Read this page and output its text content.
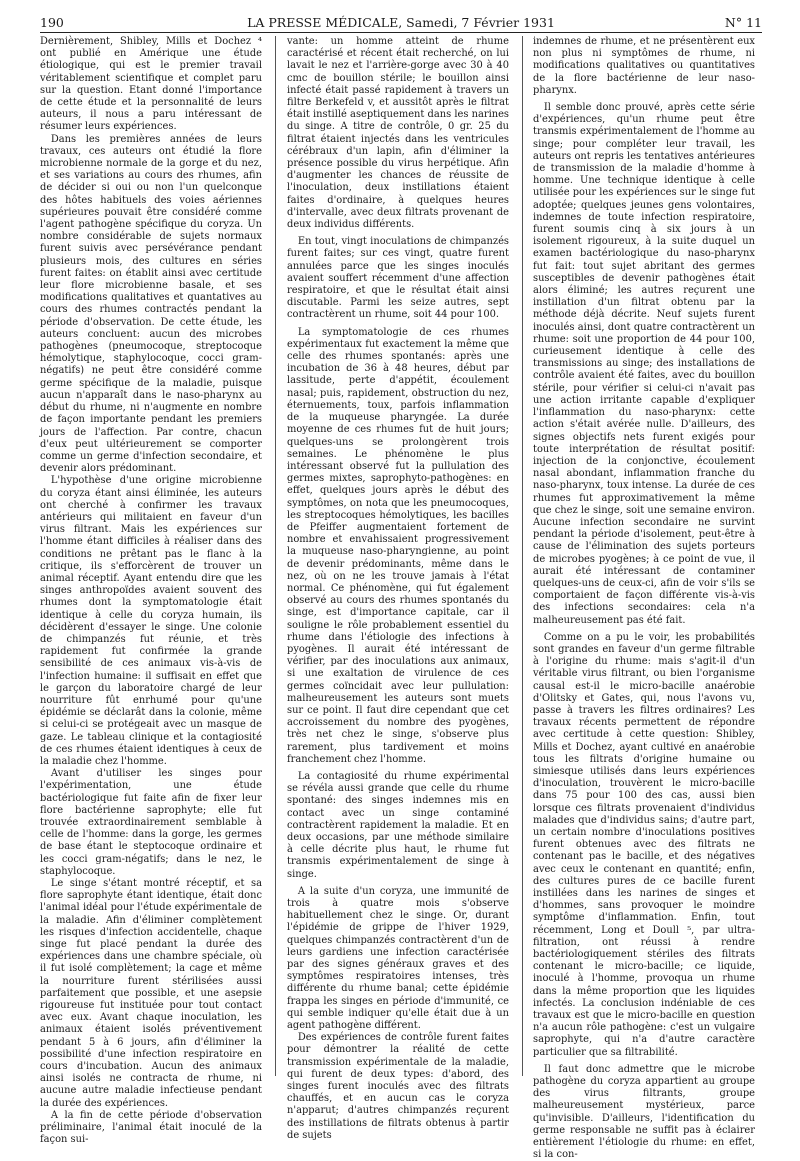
190	LA PRESSE MÉDICALE, Samedi, 7 Février 1931	N° 11

Dernièrement, Shibley, Mills et Dochez ⁴ ont publié en Amérique une étude étiologique, qui est le premier travail véritablement scientifique et complet paru sur la question. Etant donné l'importance de cette étude et la personnalité de leurs auteurs, il nous a paru intéressant de résumer leurs expériences.

Dans les premières années de leurs travaux, ces auteurs ont étudié la flore microbienne normale de la gorge et du nez, et ses variations au cours des rhumes, afin de décider si oui ou non l'un quelconque des hôtes habituels des voies aériennes supérieures pouvait être considéré comme l'agent pathogène spécifique du coryza. Un nombre considérable de sujets normaux furent suivis avec persévérance pendant plusieurs mois, des cultures en séries furent faites: on établit ainsi avec certitude leur flore microbienne basale, et ses modifications qualitatives et quantatives au cours des rhumes contractés pendant la période d'observation. De cette étude, les auteurs concluent: aucun des microbes pathogènes (pneumocoque, streptocoque hémolytique, staphylocoque, cocci gram-négatifs) ne peut être considéré comme germe spécifique de la maladie, puisque aucun n'apparaît dans le naso-pharynx au début du rhume, ni n'augmente en nombre de façon importante pendant les premiers jours de l'affection. Par contre, chacun d'eux peut ultérieurement se comporter comme un germe d'infection secondaire, et devenir alors prédominant.

L'hypothèse d'une origine microbienne du coryza étant ainsi éliminée, les auteurs ont cherché à confirmer les travaux antérieurs qui militaient en faveur d'un virus filtrant. Mais les expériences sur l'homme étant difficiles à réaliser dans des conditions ne prêtant pas le flanc à la critique, ils s'efforcèrent de trouver un animal réceptif. Ayant entendu dire que les singes anthropoïdes avaient souvent des rhumes dont la symptomatologie était identique à celle du coryza humain, ils décidèrent d'essayer le singe. Une colonie de chimpanzés fut réunie, et très rapidement fut confirmée la grande sensibilité de ces animaux vis-à-vis de l'infection humaine: il suffisait en effet que le garçon du laboratoire chargé de leur nourriture fût enrhumé pour qu'une épidémie se déclarât dans la colonie, même si celui-ci se protégeait avec un masque de gaze. Le tableau clinique et la contagiosité de ces rhumes étaient identiques à ceux de la maladie chez l'homme.

Avant d'utiliser les singes pour l'expérimentation, une étude bactériologique fut faite afin de fixer leur flore bactérienne saprophyte; elle fut trouvée extraordinairement semblable à celle de l'homme: dans la gorge, les germes de base étant le steptocoque ordinaire et les cocci gram-négatifs; dans le nez, le staphylocoque.

Le singe s'étant montré réceptif, et sa flore saprophyte étant identique, était donc l'animal idéal pour l'étude expérimentale de la maladie. Afin d'éliminer complètement les risques d'infection accidentelle, chaque singe fut placé pendant la durée des expériences dans une chambre spéciale, où il fut isolé complètement; la cage et même la nourriture furent stérilisées aussi parfaitement que possible, et une asepsie rigoureuse fut instituée pour tout contact avec eux. Avant chaque inoculation, les animaux étaient isolés préventivement pendant 5 à 6 jours, afin d'éliminer la possibilité d'une infection respiratoire en cours d'incubation. Aucun des animaux ainsi isolés ne contracta de rhume, ni aucune autre maladie infectieuse pendant la durée des expériences.

A la fin de cette période d'observation préliminaire, l'animal était inoculé de la façon sui-

vante: un homme atteint de rhume caractérisé et récent était recherché, on lui lavait le nez et l'arrière-gorge avec 30 à 40 cmc de bouillon stérile; le bouillon ainsi infecté était passé rapidement à travers un filtre Berkefeld v, et aussitôt après le filtrat était instillé aseptiquement dans les narines du singe. A titre de contrôle, 0 gr. 25 du filtrat étaient injectés dans les ventricules cérébraux d'un lapin, afin d'éliminer la présence possible du virus herpétique. Afin d'augmenter les chances de réussite de l'inoculation, deux instillations étaient faites d'ordinaire, à quelques heures d'intervalle, avec deux filtrats provenant de deux individus différents.

En tout, vingt inoculations de chimpanzés furent faites; sur ces vingt, quatre furent annulées parce que les singes inoculés avaient souffert récemment d'une affection respiratoire, et que le résultat était ainsi discutable. Parmi les seize autres, sept contractèrent un rhume, soit 44 pour 100.

La symptomatologie de ces rhumes expérimentaux fut exactement la même que celle des rhumes spontanés: après une incubation de 36 à 48 heures, début par lassitude, perte d'appétit, écoulement nasal; puis, rapidement, obstruction du nez, éternuements, toux, parfois inflammation de la muqueuse pharyngée. La durée moyenne de ces rhumes fut de huit jours; quelques-uns se prolongèrent trois semaines. Le phénomène le plus intéressant observé fut la pullulation des germes mixtes, saprophyto-pathogènes: en effet, quelques jours après le début des symptômes, on nota que les pneumocoques, les streptocoques hémolytiques, les bacilles de Pfeiffer augmentaient fortement de nombre et envahissaient progressivement la muqueuse naso-pharyngienne, au point de devenir prédominants, même dans le nez, où on ne les trouve jamais à l'état normal. Ce phénomène, qui fut également observé au cours des rhumes spontanés du singe, est d'importance capitale, car il souligne le rôle probablement essentiel du rhume dans l'étiologie des infections à pyogènes. Il aurait été intéressant de vérifier, par des inoculations aux animaux, si une exaltation de virulence de ces germes coïncidait avec leur pullulation: malheureusement les auteurs sont muets sur ce point. Il faut dire cependant que cet accroissement du nombre des pyogènes, très net chez le singe, s'observe plus rarement, plus tardivement et moins franchement chez l'homme.

La contagiosité du rhume expérimental se révéla aussi grande que celle du rhume spontané: des singes indemnes mis en contact avec un singe contaminé contractèrent rapidement la maladie. Et en deux occasions, par une méthode similaire à celle décrite plus haut, le rhume fut transmis expérimentalement de singe à singe.

A la suite d'un coryza, une immunité de trois à quatre mois s'observe habituellement chez le singe. Or, durant l'épidémie de grippe de l'hiver 1929, quelques chimpanzés contractèrent d'un de leurs gardiens une infection caractérisée par des signes généraux graves et des symptômes respiratoires intenses, très différente du rhume banal; cette épidémie frappa les singes en période d'immunité, ce qui semble indiquer qu'elle était due à un agent pathogène différent.

Des expériences de contrôle furent faites pour démontrer la réalité de cette transmission expérimentale de la maladie, qui furent de deux types: d'abord, des singes furent inoculés avec des filtrats chauffés, et en aucun cas le coryza n'apparut; d'autres chimpanzés reçurent des instillations de filtrats obtenus à partir de sujets

indemnes de rhume, et ne présentèrent eux non plus ni symptômes de rhume, ni modifications qualitatives ou quantitatives de la flore bactérienne de leur naso-pharynx.

Il semble donc prouvé, après cette série d'expériences, qu'un rhume peut être transmis expérimentalement de l'homme au singe; pour compléter leur travail, les auteurs ont repris les tentatives antérieures de transmission de la maladie d'homme à homme. Une technique identique à celle utilisée pour les expériences sur le singe fut adoptée; quelques jeunes gens volontaires, indemnes de toute infection respiratoire, furent soumis cinq à six jours à un isolement rigoureux, à la suite duquel un examen bactériologique du naso-pharynx fut fait: tout sujet abritant des germes susceptibles de devenir pathogènes était alors éliminé; les autres reçurent une instillation d'un filtrat obtenu par la méthode déjà décrite. Neuf sujets furent inoculés ainsi, dont quatre contractèrent un rhume: soit une proportion de 44 pour 100, curieusement identique à celle des transmissions au singe; des installations de contrôle avaient été faites, avec du bouillon stérile, pour vérifier si celui-ci n'avait pas une action irritante capable d'expliquer l'inflammation du naso-pharynx: cette action s'était avérée nulle. D'ailleurs, des signes objectifs nets furent exigés pour toute interprétation de résultat positif: injection de la conjonctive, écoulement nasal abondant, inflammation franche du naso-pharynx, toux intense. La durée de ces rhumes fut approximativement la même que chez le singe, soit une semaine environ. Aucune infection secondaire ne survint pendant la période d'isolement, peut-être à cause de l'élimination des sujets porteurs de microbes pyogènes; à ce point de vue, il aurait été intéressant de contaminer quelques-uns de ceux-ci, afin de voir s'ils se comportaient de façon différente vis-à-vis des infections secondaires: cela n'a malheureusement pas été fait.

Comme on a pu le voir, les probabilités sont grandes en faveur d'un germe filtrable à l'origine du rhume: mais s'agit-il d'un véritable virus filtrant, ou bien l'organisme causal est-il le micro-bacille anaérobie d'Olitsky et Gates, qui, nous l'avons vu, passe à travers les filtres ordinaires? Les travaux récents permettent de répondre avec certitude à cette question: Shibley, Mills et Dochez, ayant cultivé en anaérobie tous les filtrats d'origine humaine ou simiesque utilisés dans leurs expériences d'inoculation, trouvèrent le micro-bacille dans 75 pour 100 des cas, aussi bien lorsque ces filtrats provenaient d'individus malades que d'individus sains; d'autre part, un certain nombre d'inoculations positives furent obtenues avec des filtrats ne contenant pas le bacille, et des négatives avec ceux le contenant en quantité; enfin, des cultures pures de ce bacille furent instillées dans les narines de singes et d'hommes, sans provoquer le moindre symptôme d'inflammation. Enfin, tout récemment, Long et Doull ⁵, par ultra-filtration, ont réussi à rendre bactériologiquement stériles des filtrats contenant le micro-bacille; ce liquide, inoculé à l'homme, provoqua un rhume dans la même proportion que les liquides infectés. La conclusion indéniable de ces travaux est que le micro-bacille en question n'a aucun rôle pathogène: c'est un vulgaire saprophyte, qui n'a d'autre caractère particulier que sa filtrabilité.

Il faut donc admettre que le microbe pathogène du coryza appartient au groupe des virus filtrants, groupe malheureusement mystérieux, parce qu'invisible. D'ailleurs, l'identification du germe responsable ne suffit pas à éclairer entièrement l'étiologie du rhume: en effet, si la con-
